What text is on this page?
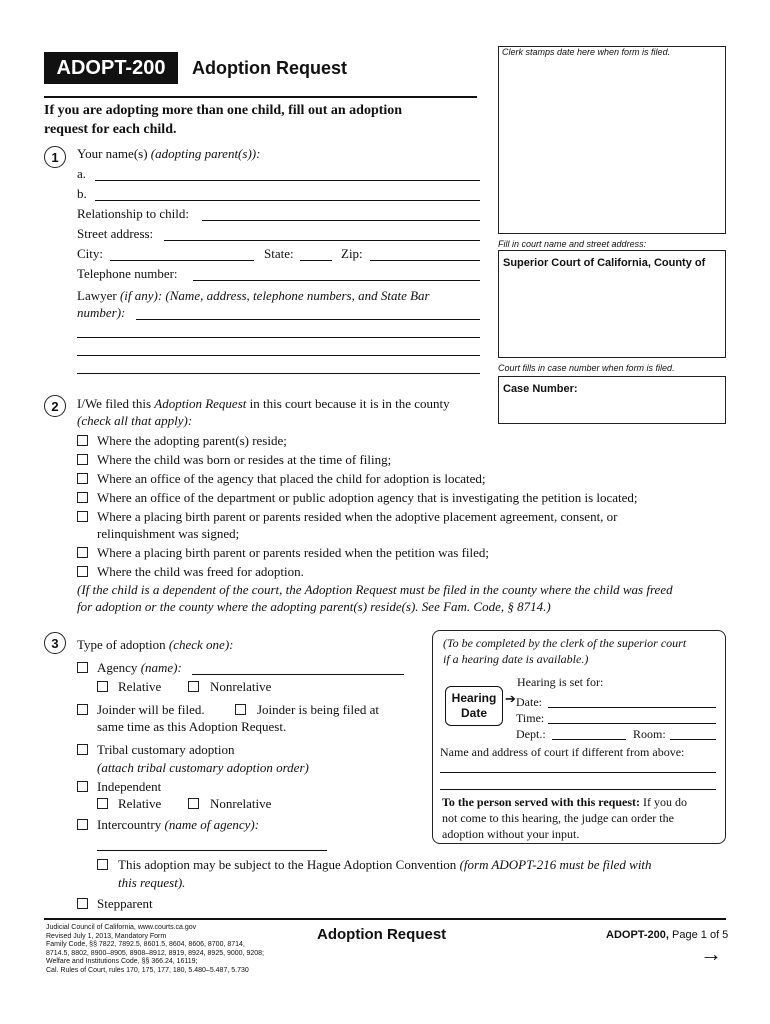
ADOPT-200	Adoption Request
If you are adopting more than one child, fill out an adoption
request for each child.
Clerk stamps date here when form is filed.
Fill in court name and street address:
Superior Court of California, County of
Court fills in case number when form is filed.
Case Number:
1	Your name(s) (adopting parent(s)):
a.
b.
Relationship to child:
Street address:
City:	State:	Zip:
Telephone number:
Lawyer (if any): (Name, address, telephone numbers, and State Bar
number):
2	I/We filed this Adoption Request in this court because it is in the county
(check all that apply):
Where the adopting parent(s) reside;
Where the child was born or resides at the time of filing;
Where an office of the agency that placed the child for adoption is located;
Where an office of the department or public adoption agency that is investigating the petition is located;
Where a placing birth parent or parents resided when the adoptive placement agreement, consent, or
relinquishment was signed;
Where a placing birth parent or parents resided when the petition was filed;
Where the child was freed for adoption.
(If the child is a dependent of the court, the Adoption Request must be filed in the county where the child was freed
for adoption or the county where the adopting parent(s) reside(s). See Fam. Code, § 8714.)
3	Type of adoption (check one):
Agency (name):
Relative	Nonrelative
Joinder will be filed.	Joinder is being filed at
same time as this Adoption Request.
Tribal customary adoption
(attach tribal customary adoption order)
Independent
Relative	Nonrelative
Intercountry (name of agency):
This adoption may be subject to the Hague Adoption Convention (form ADOPT-216 must be filed with
this request).
Stepparent
(To be completed by the clerk of the superior court
if a hearing date is available.)
Hearing is set for:
Hearing
Date
➔ Date:
Time:
Dept.:	Room:
Name and address of court if different from above:
To the person served with this request: If you do
not come to this hearing, the judge can order the
adoption without your input.
Judicial Council of California, www.courts.ca.gov
Revised July 1, 2013, Mandatory Form
Family Code, §§ 7822, 7892.5, 8601.5, 8604, 8606, 8700, 8714,
8714.5, 8802, 8900–8905, 8908–8912, 8919, 8924, 8925, 9000, 9208;
Welfare and Institutions Code, §§ 366.24, 16119;
Cal. Rules of Court, rules 170, 175, 177, 180, 5.480–5.487, 5.730
Adoption Request	ADOPT-200, Page 1 of 5
→
